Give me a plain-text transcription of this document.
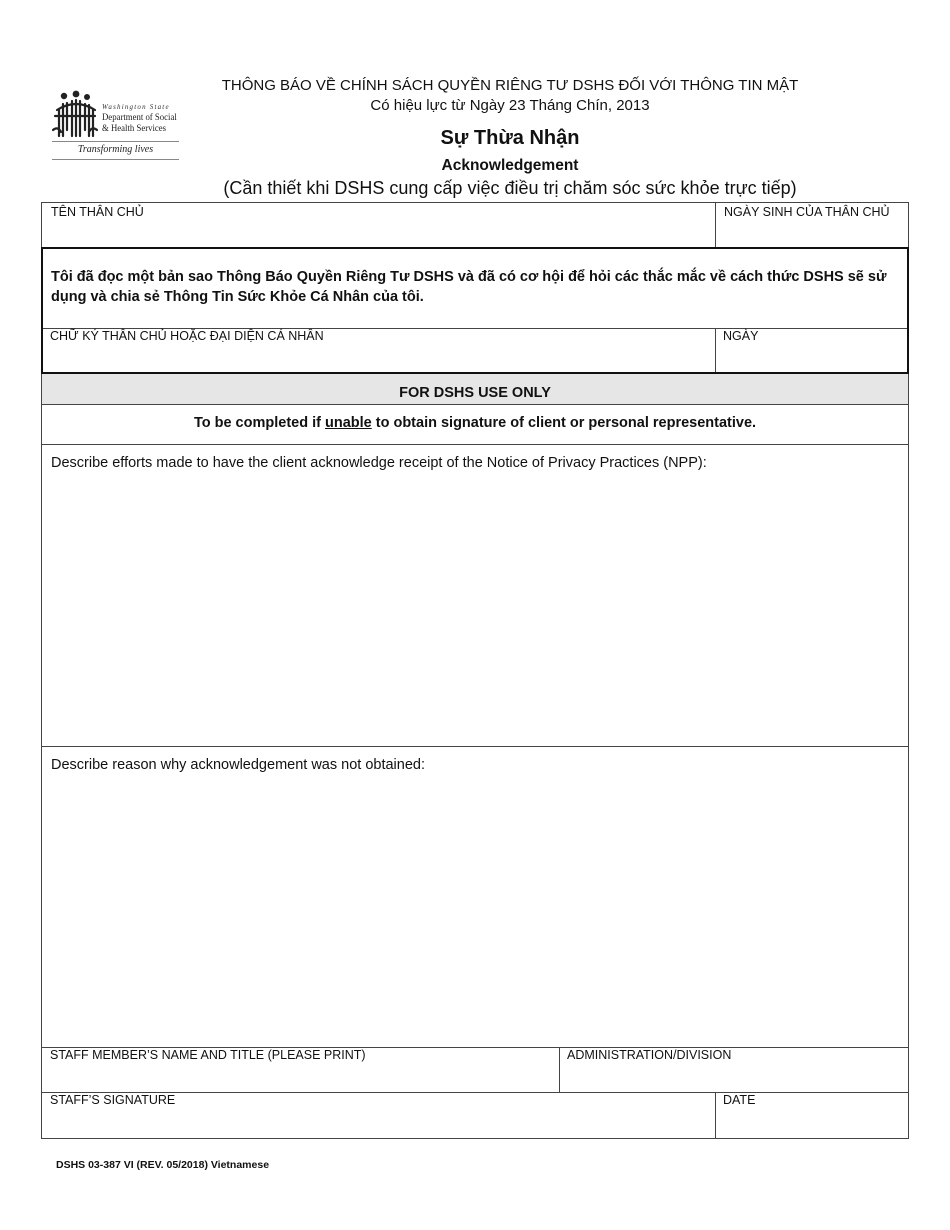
Washington State
Department of Social
& Health Services
Transforming lives
THÔNG BÁO VỀ CHÍNH SÁCH QUYỀN RIÊNG TƯ DSHS ĐỐI VỚI THÔNG TIN MẬT
Có hiệu lực từ Ngày 23 Tháng Chín, 2013
Sự Thừa Nhận
Acknowledgement
(Cần thiết khi DSHS cung cấp việc điều trị chăm sóc sức khỏe trực tiếp)
TÊN THÂN CHỦ	NGÀY SINH CỦA THÂN CHỦ
Tôi đã đọc một bản sao Thông Báo Quyền Riêng Tư DSHS và đã có cơ hội để hỏi các thắc mắc về cách thức DSHS sẽ sử dụng và chia sẻ Thông Tin Sức Khỏe Cá Nhân của tôi.
CHỮ KÝ THÂN CHỦ HOẶC ĐẠI DIỆN CÁ NHÂN	NGÀY
FOR DSHS USE ONLY
To be completed if unable to obtain signature of client or personal representative.
Describe efforts made to have the client acknowledge receipt of the Notice of Privacy Practices (NPP):
Describe reason why acknowledgement was not obtained:
STAFF MEMBER’S NAME AND TITLE (PLEASE PRINT)	ADMINISTRATION/DIVISION
STAFF’S SIGNATURE	DATE
DSHS 03-387 VI (REV. 05/2018) Vietnamese
